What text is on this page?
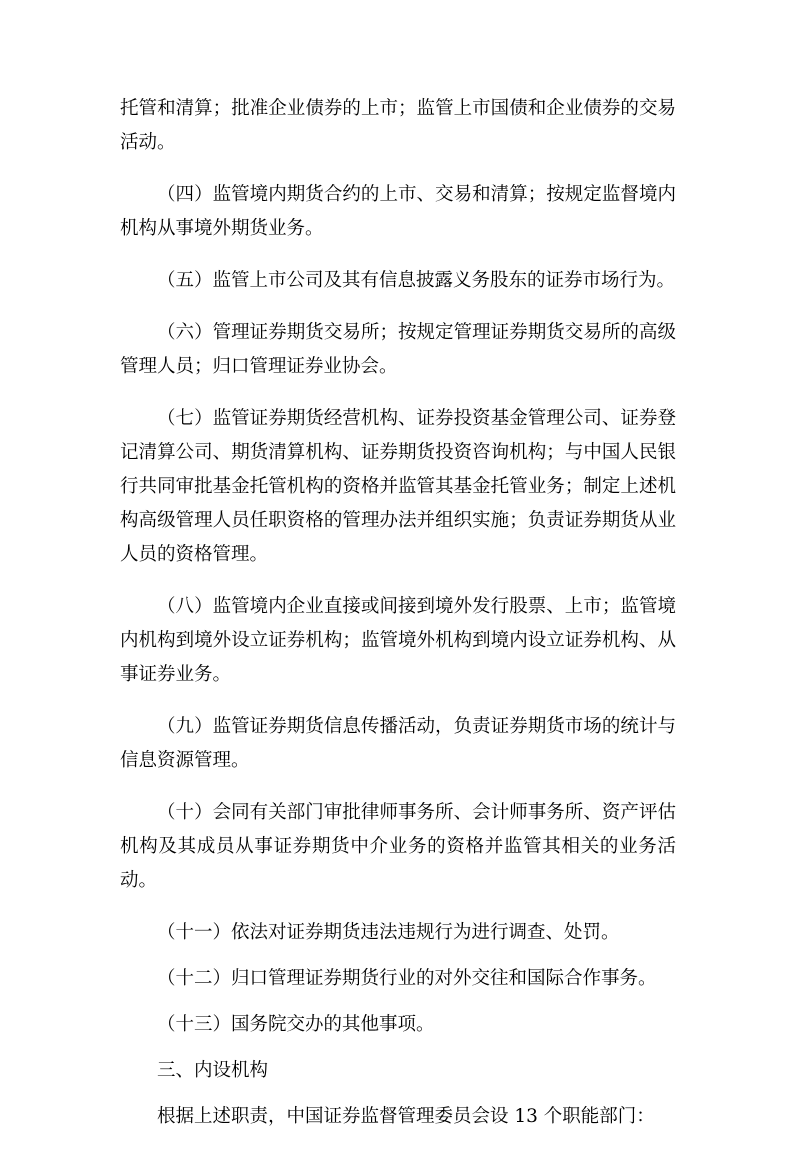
托管和清算；批准企业债券的上市；监管上市国债和企业债券的交易活动。

（四）监管境内期货合约的上市、交易和清算；按规定监督境内机构从事境外期货业务。

（五）监管上市公司及其有信息披露义务股东的证券市场行为。

（六）管理证券期货交易所；按规定管理证券期货交易所的高级管理人员；归口管理证券业协会。

（七）监管证券期货经营机构、证券投资基金管理公司、证券登记清算公司、期货清算机构、证券期货投资咨询机构；与中国人民银行共同审批基金托管机构的资格并监管其基金托管业务；制定上述机构高级管理人员任职资格的管理办法并组织实施；负责证券期货从业人员的资格管理。

（八）监管境内企业直接或间接到境外发行股票、上市；监管境内机构到境外设立证券机构；监管境外机构到境内设立证券机构、从事证券业务。

（九）监管证券期货信息传播活动，负责证券期货市场的统计与信息资源管理。

（十）会同有关部门审批律师事务所、会计师事务所、资产评估机构及其成员从事证券期货中介业务的资格并监管其相关的业务活动。

（十一）依法对证券期货违法违规行为进行调查、处罚。

（十二）归口管理证券期货行业的对外交往和国际合作事务。

（十三）国务院交办的其他事项。

三、内设机构

根据上述职责，中国证券监督管理委员会设 13 个职能部门：
